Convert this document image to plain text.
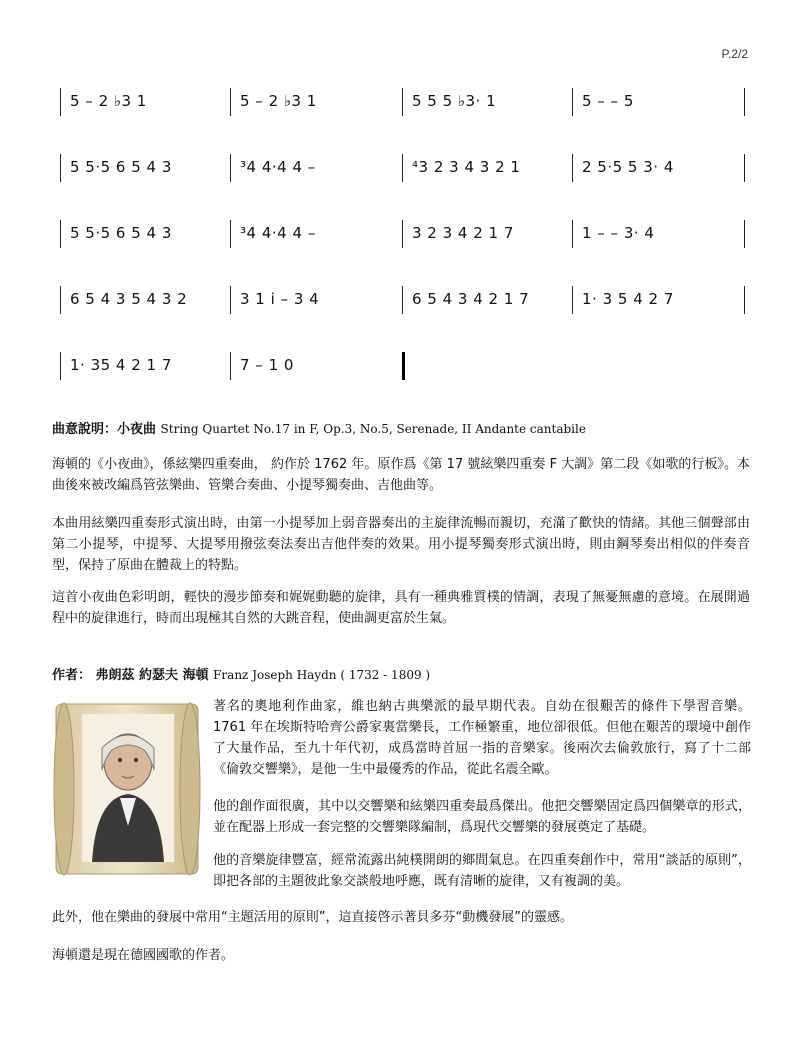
P.2/2
5 – 2 ♭3 1	5 – 2 ♭3 1	5 5 5 ♭3· 1	5 – – 5
5 5·5 6 5 4 3	³4 4·4 4 –	⁴3 2 3 4 3 2 1	2 5·5 5 3· 4
5 5·5 6 5 4 3	³4 4·4 4 –	3 2 3 4 2 1 7	1 – – 3· 4
6 5 4 3 5 4 3 2	3 1 i – 3 4	6 5 4 3 4 2 1 7	1· 3 5 4 2 7
1· 35 4 2 1 7	7 – 1 0
曲意說明：小夜曲 String Quartet No.17 in F, Op.3, No.5, Serenade, II Andante cantabile

海頓的《小夜曲》，係絃樂四重奏曲， 約作於 1762 年。原作爲《第 17 號絃樂四重奏 F 大調》第二段《如歌的行板》。本曲後來被改編爲管弦樂曲、管樂合奏曲、小提琴獨奏曲、吉他曲等。

本曲用絃樂四重奏形式演出時，由第一小提琴加上弱音器奏出的主旋律流暢而親切，充滿了歡快的情緒。其他三個聲部由第二小提琴，中提琴、大提琴用撥弦奏法奏出吉他伴奏的效果。用小提琴獨奏形式演出時，則由鋼琴奏出相似的伴奏音型，保持了原曲在體裁上的特點。

這首小夜曲色彩明朗，輕快的漫步節奏和娓娓動聽的旋律，具有一種典雅質樸的情調，表現了無憂無慮的意境。在展開過程中的旋律進行，時而出現極其自然的大跳音程，使曲調更富於生氣。

作者： 弗朗茲 約瑟夫 海頓 Franz Joseph Haydn ( 1732 - 1809 )

著名的奧地利作曲家，維也納古典樂派的最早期代表。自幼在很艱苦的條件下學習音樂。1761 年在埃斯特哈齊公爵家裏當樂長，工作極繁重，地位卻很低。但他在艱苦的環境中創作了大量作品，至九十年代初，成爲當時首屈一指的音樂家。後兩次去倫敦旅行，寫了十二部《倫敦交響樂》，是他一生中最優秀的作品，從此名震全歐。

他的創作面很廣，其中以交響樂和絃樂四重奏最爲傑出。他把交響樂固定爲四個樂章的形式，並在配器上形成一套完整的交響樂隊編制，爲現代交響樂的發展奠定了基礎。

他的音樂旋律豐富，經常流露出純樸開朗的鄉間氣息。在四重奏創作中，常用“談話的原則”，即把各部的主題彼此象交談般地呼應，既有清晰的旋律，又有複調的美。

此外，他在樂曲的發展中常用“主題活用的原則”，這直接啓示著貝多芬“動機發展”的靈感。

海頓還是現在德國國歌的作者。
